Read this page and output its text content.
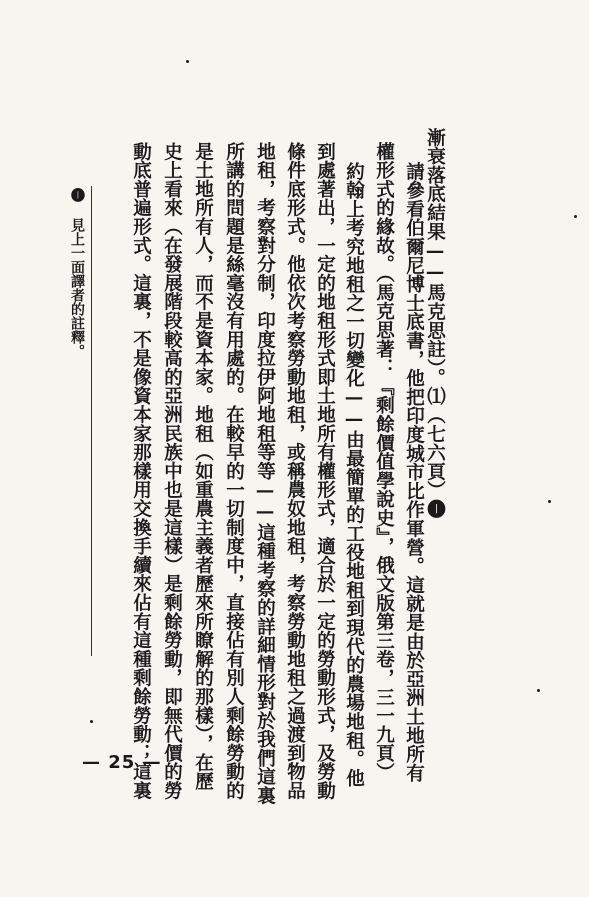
漸衰落底結果——馬克思註）。⑴（七六頁）❶
請參看伯爾尼博士底書，他把印度城市比作軍營。這就是由於亞洲土地所有
權形式的緣故。（馬克思著：『剩餘價值學說史』，俄文版第三卷，三一九頁）
約翰上考究地租之一切變化——由最簡單的工役地租到現代的農場地租。他
到處著出，一定的地租形式即土地所有權形式，適合於一定的勞動形式，及勞動
條件底形式。他依次考察勞動地租，或稱農奴地租，考察勞動地租之過渡到物品
地租，考察對分制，印度拉伊阿地租等等——這種考察的詳細情形對於我們這裏
所講的問題是絲毫沒有用處的。在較早的一切制度中，直接佔有別人剩餘勞動的
是土地所有人，而不是資本家。地租（如重農主義者歷來所瞭解的那樣），在歷
史上看來（在發展階段較高的亞洲民族中也是這樣）是剩餘勞動，即無代價的勞
動底普遍形式。這裏，不是像資本家那樣用交換手續來佔有這種剩餘勞動；這裏
❶ 見上一面譯者的註釋。
— 25 —
